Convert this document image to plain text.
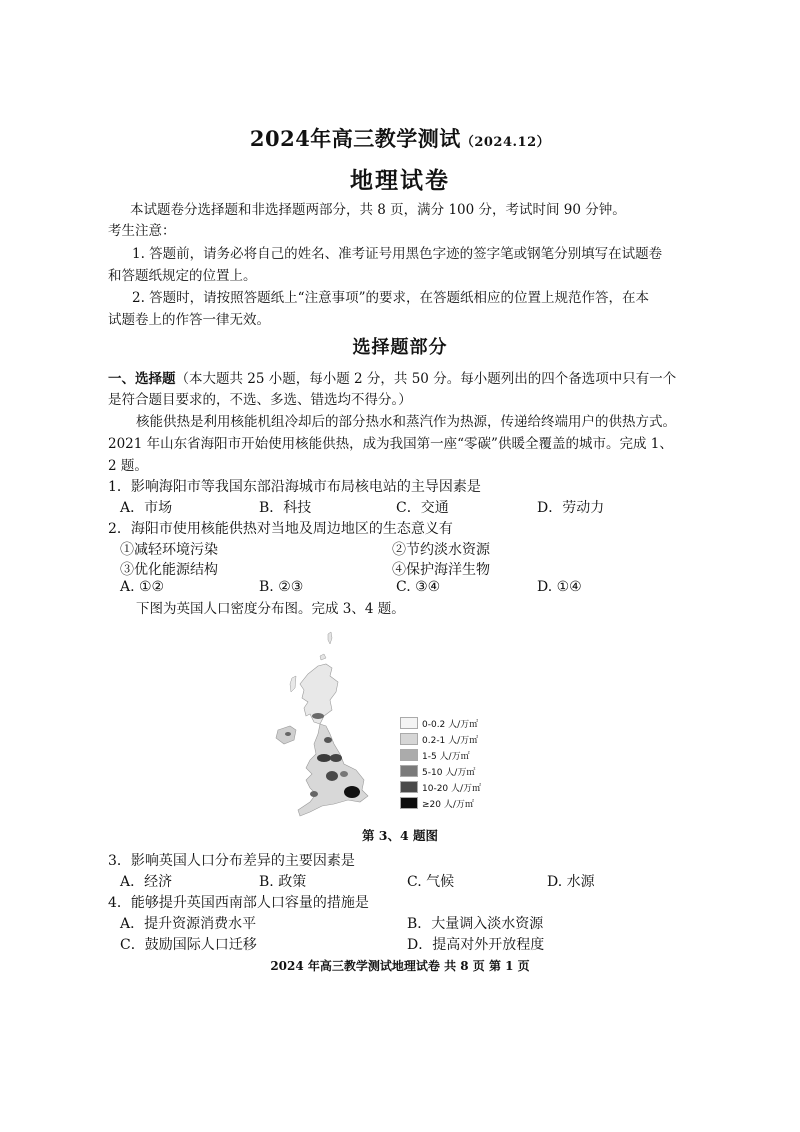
2024年高三教学测试（2024.12）
地理试卷
本试题卷分选择题和非选择题两部分，共 8 页，满分 100 分，考试时间 90 分钟。
考生注意：
1. 答题前，请务必将自己的姓名、准考证号用黑色字迹的签字笔或钢笔分别填写在试题卷
和答题纸规定的位置上。
2. 答题时，请按照答题纸上“注意事项”的要求，在答题纸相应的位置上规范作答，在本
试题卷上的作答一律无效。
选择题部分
一、选择题（本大题共 25 小题，每小题 2 分，共 50 分。每小题列出的四个备选项中只有一个
是符合题目要求的，不选、多选、错选均不得分。）
核能供热是利用核能机组冷却后的部分热水和蒸汽作为热源，传递给终端用户的供热方式。
2021 年山东省海阳市开始使用核能供热，成为我国第一座“零碳”供暖全覆盖的城市。完成 1、
2 题。
1．影响海阳市等我国东部沿海城市布局核电站的主导因素是
A．市场	B．科技	C．交通	D．劳动力
2．海阳市使用核能供热对当地及周边地区的生态意义有
①减轻环境污染	②节约淡水资源
③优化能源结构	④保护海洋生物
A. ①②	B. ②③	C. ③④	D. ①④
下图为英国人口密度分布图。完成 3、4 题。
0-0.2 人/万㎡
0.2-1 人/万㎡
1-5 人/万㎡
5-10 人/万㎡
10-20 人/万㎡
≥20 人/万㎡
第 3、4 题图
3．影响英国人口分布差异的主要因素是
A．经济	B. 政策	C. 气候	D. 水源
4．能够提升英国西南部人口容量的措施是
A．提升资源消费水平	B．大量调入淡水资源
C．鼓励国际人口迁移	D．提高对外开放程度
2024 年高三教学测试地理试卷 共 8 页 第 1 页
